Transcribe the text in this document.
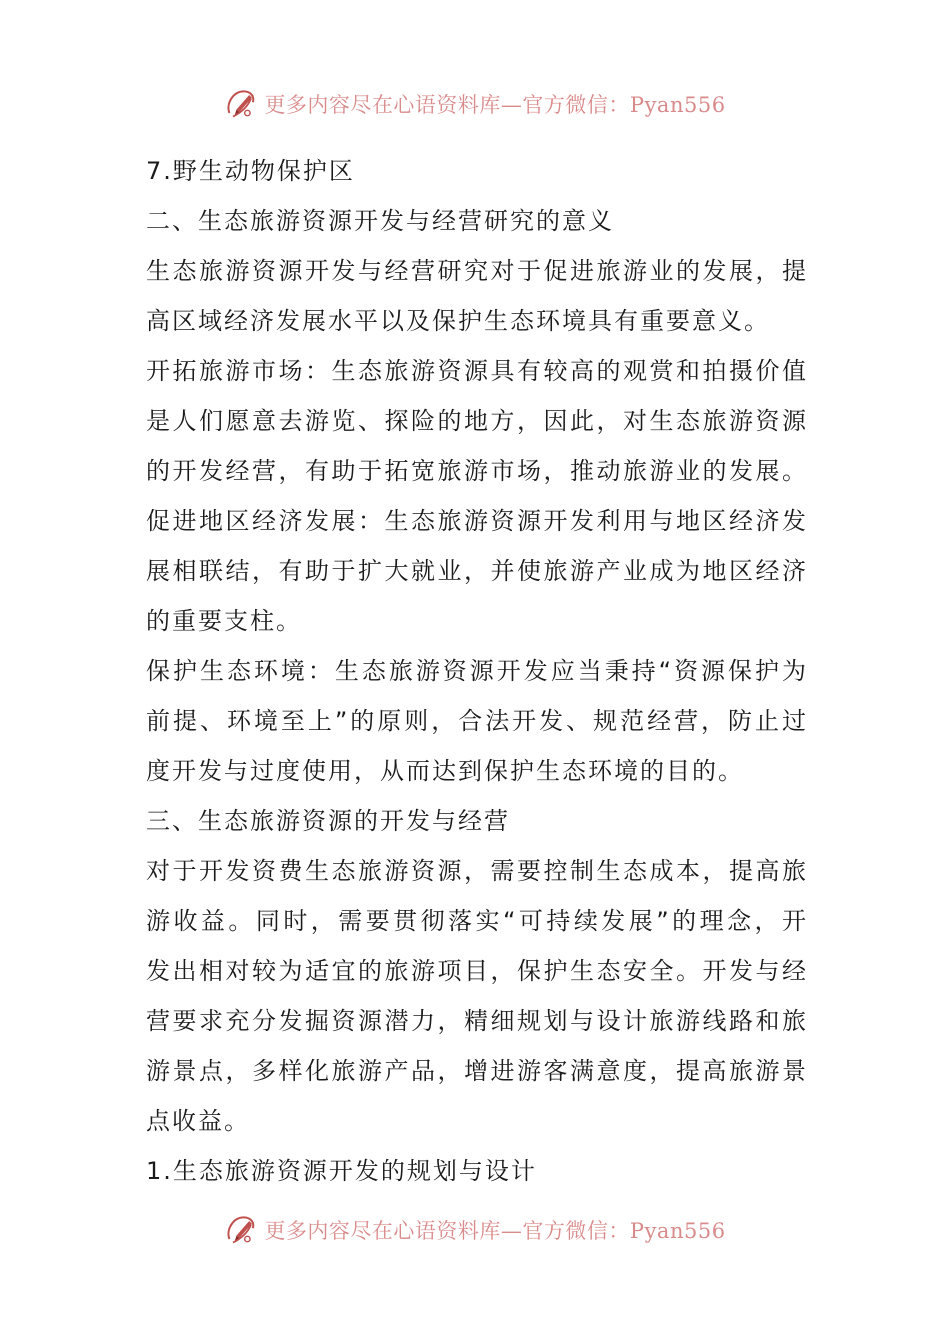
更多内容尽在心语资料库—官方微信：Pyan556
7.野生动物保护区
二、生态旅游资源开发与经营研究的意义
生态旅游资源开发与经营研究对于促进旅游业的发展，提
高区域经济发展水平以及保护生态环境具有重要意义。
开拓旅游市场：生态旅游资源具有较高的观赏和拍摄价值
是人们愿意去游览、探险的地方，因此，对生态旅游资源
的开发经营，有助于拓宽旅游市场，推动旅游业的发展。
促进地区经济发展：生态旅游资源开发利用与地区经济发
展相联结，有助于扩大就业，并使旅游产业成为地区经济
的重要支柱。
保护生态环境：生态旅游资源开发应当秉持“资源保护为
前提、环境至上”的原则，合法开发、规范经营，防止过
度开发与过度使用，从而达到保护生态环境的目的。
三、生态旅游资源的开发与经营
对于开发资费生态旅游资源，需要控制生态成本，提高旅
游收益。同时，需要贯彻落实“可持续发展”的理念，开
发出相对较为适宜的旅游项目，保护生态安全。开发与经
营要求充分发掘资源潜力，精细规划与设计旅游线路和旅
游景点，多样化旅游产品，增进游客满意度，提高旅游景
点收益。
1.生态旅游资源开发的规划与设计
更多内容尽在心语资料库—官方微信：Pyan556
